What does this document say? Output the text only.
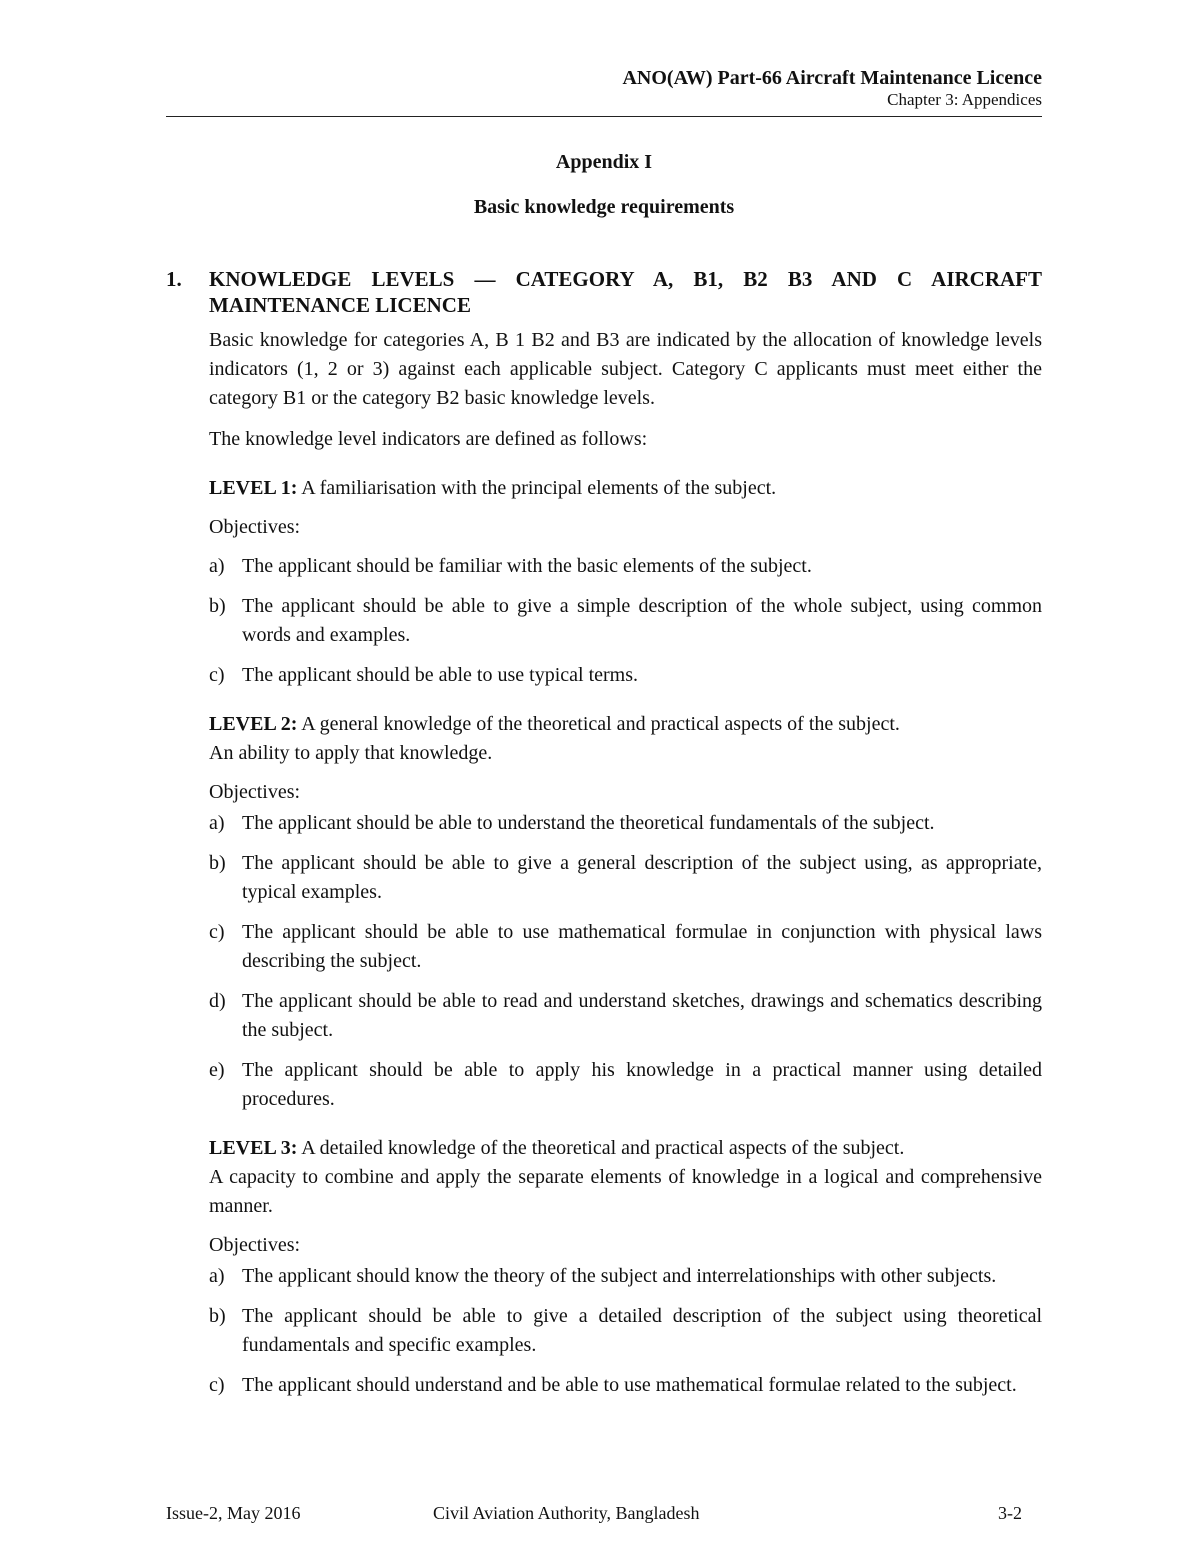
ANO(AW) Part-66 Aircraft Maintenance Licence
Chapter 3: Appendices
Appendix I
Basic knowledge requirements
1.	KNOWLEDGE LEVELS — CATEGORY A, B1, B2 B3 AND C AIRCRAFT MAINTENANCE LICENCE

Basic knowledge for categories A, B 1 B2 and B3 are indicated by the allocation of knowledge levels indicators (1, 2 or 3) against each applicable subject. Category C applicants must meet either the category B1 or the category B2 basic knowledge levels.

The knowledge level indicators are defined as follows:

LEVEL 1: A familiarisation with the principal elements of the subject.

Objectives:

a) The applicant should be familiar with the basic elements of the subject.
b) The applicant should be able to give a simple description of the whole subject, using common words and examples.
c) The applicant should be able to use typical terms.

LEVEL 2: A general knowledge of the theoretical and practical aspects of the subject.

An ability to apply that knowledge.

Objectives:

a) The applicant should be able to understand the theoretical fundamentals of the subject.
b) The applicant should be able to give a general description of the subject using, as appropriate, typical examples.
c) The applicant should be able to use mathematical formulae in conjunction with physical laws describing the subject.
d) The applicant should be able to read and understand sketches, drawings and schematics describing the subject.
e) The applicant should be able to apply his knowledge in a practical manner using detailed procedures.

LEVEL 3: A detailed knowledge of the theoretical and practical aspects of the subject.

A capacity to combine and apply the separate elements of knowledge in a logical and comprehensive manner.

Objectives:

a) The applicant should know the theory of the subject and interrelationships with other subjects.
b) The applicant should be able to give a detailed description of the subject using theoretical fundamentals and specific examples.
c) The applicant should understand and be able to use mathematical formulae related to the subject.
Issue-2, May 2016	Civil Aviation Authority, Bangladesh	3-2
